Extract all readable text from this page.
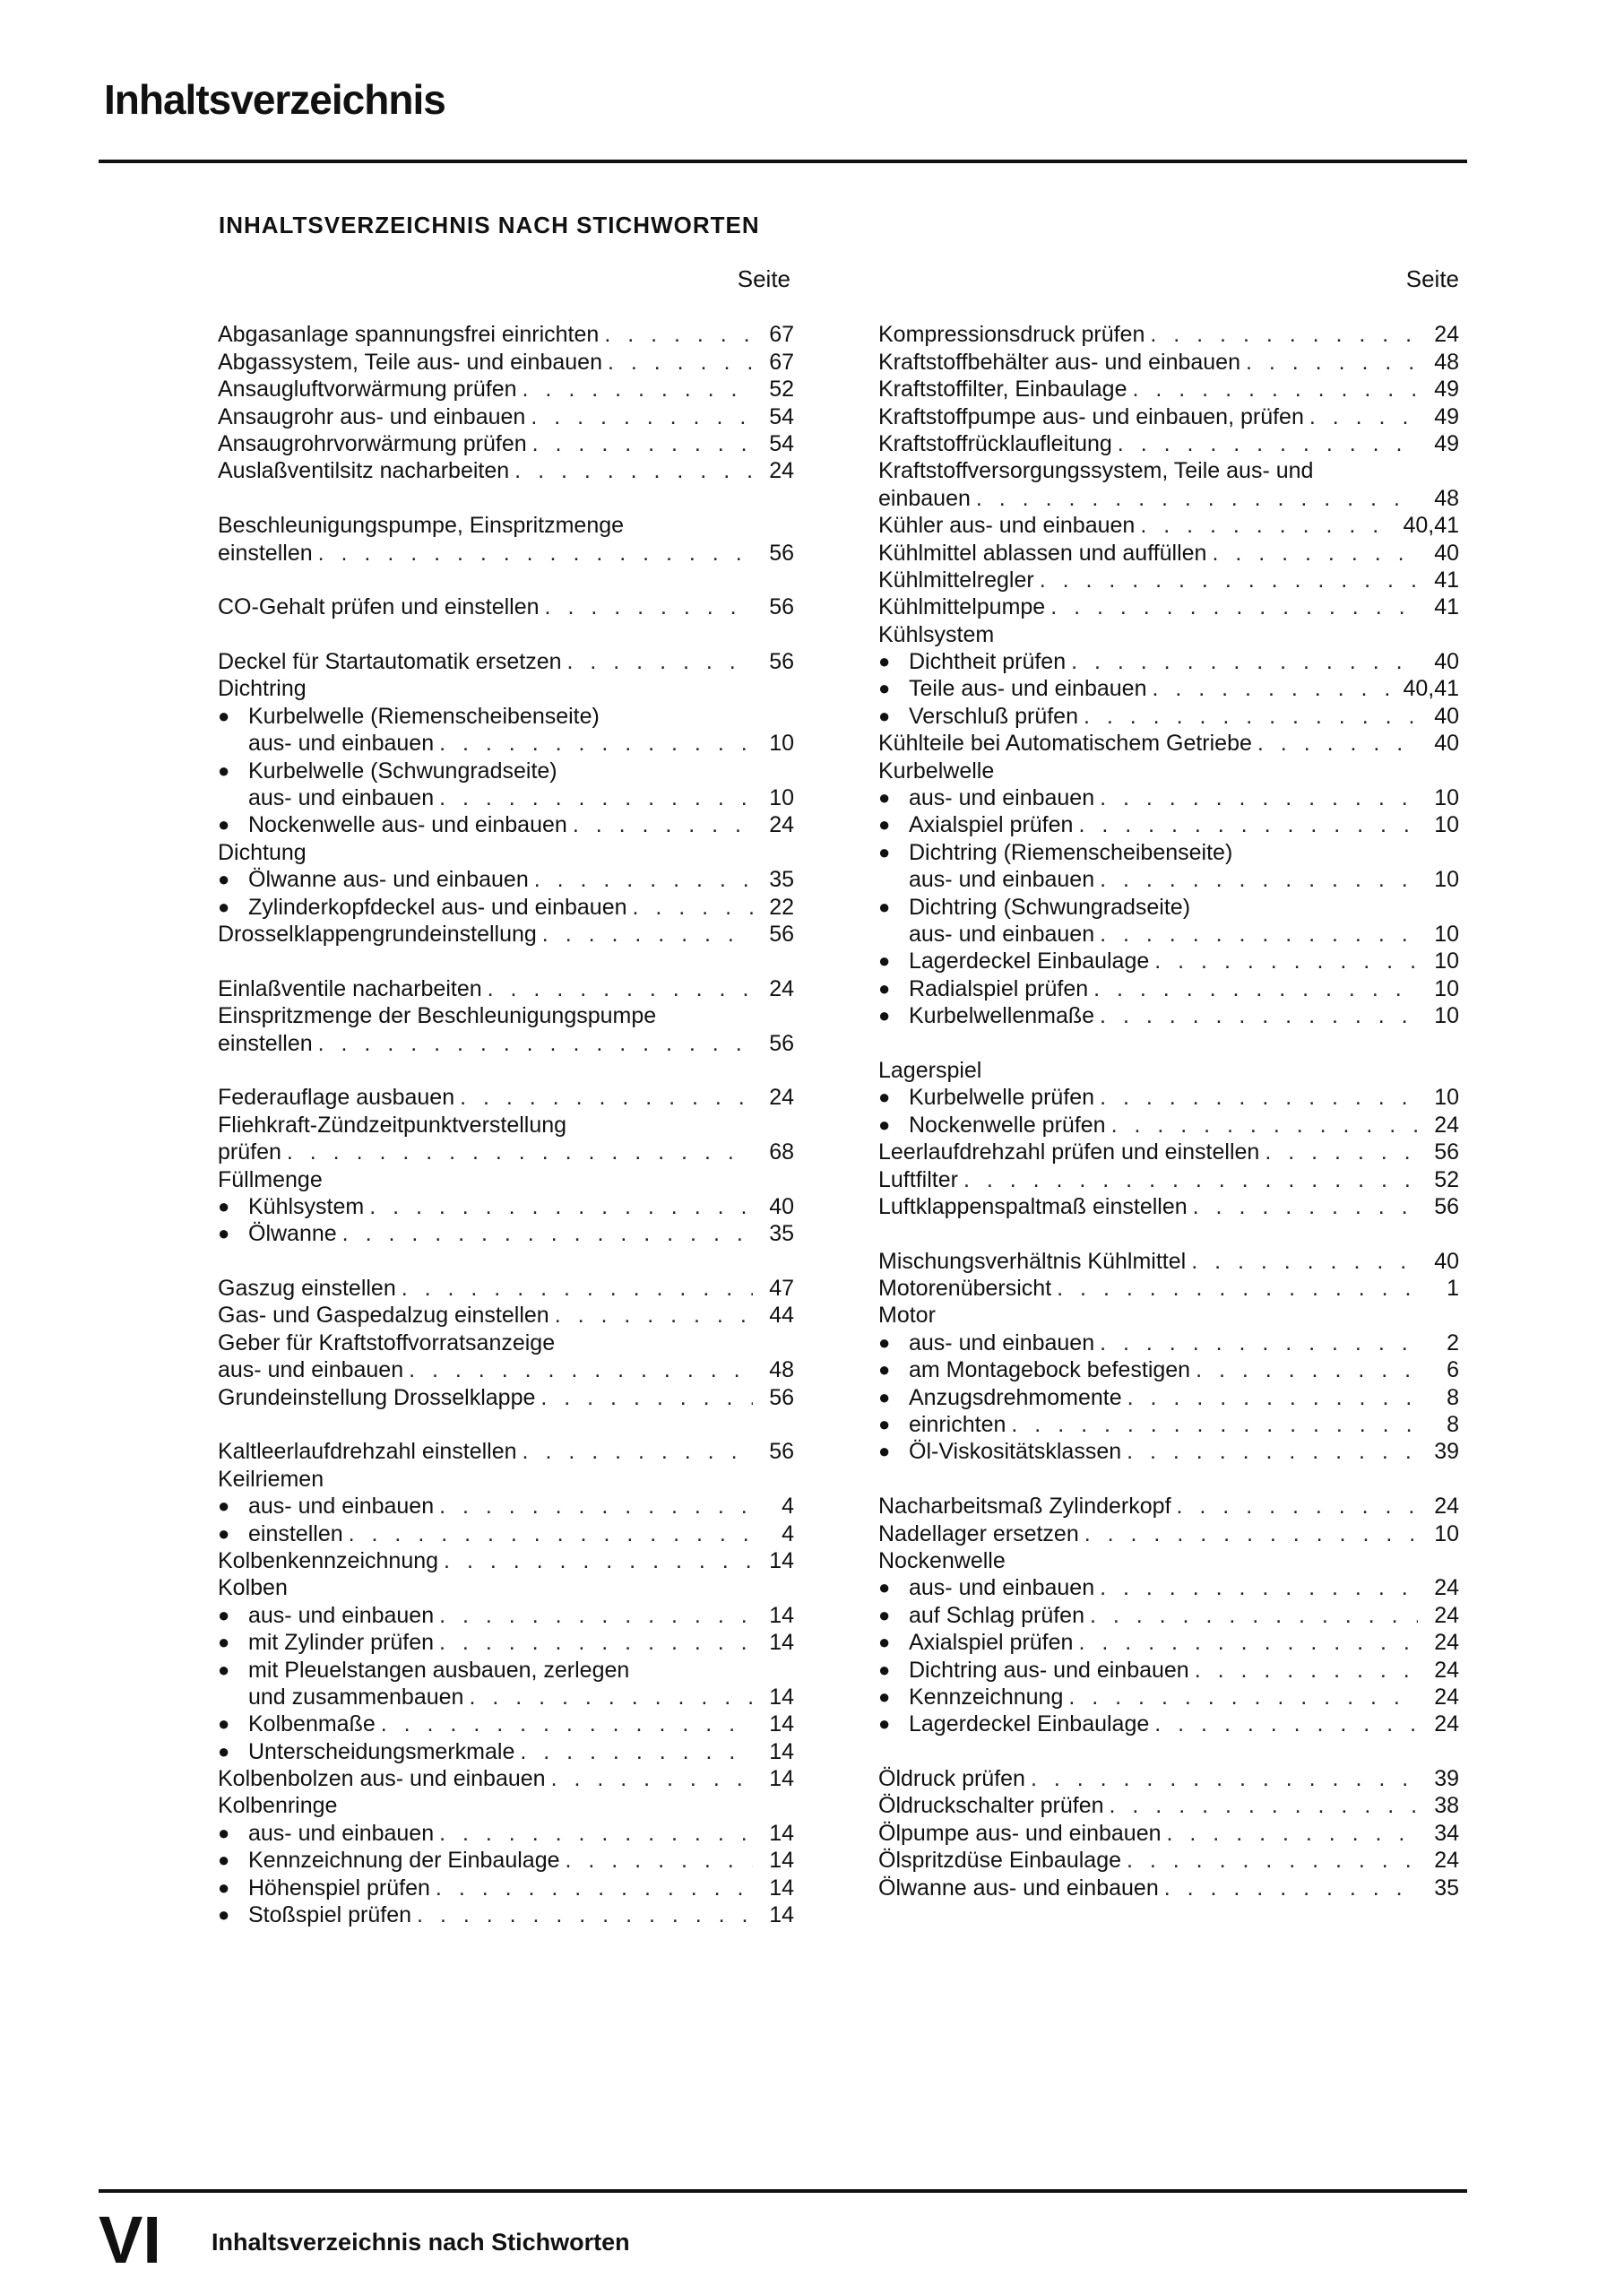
Inhaltsverzeichnis
INHALTSVERZEICHNIS NACH STICHWORTEN
Seite	Seite
Abgasanlage spannungsfrei einrichten . . .	67
Abgassystem, Teile aus- und einbauen . . .	67
Ansaugluftvorwärmung prüfen . . .	52
Ansaugrohr aus- und einbauen . . .	54
Ansaugrohrvorwärmung prüfen . . .	54
Auslaßventilsitz nacharbeiten . . .	24
Beschleunigungspumpe, Einspritzmenge
einstellen . . .	56
CO-Gehalt prüfen und einstellen . . .	56
Deckel für Startautomatik ersetzen . . .	56
Dichtring
● Kurbelwelle (Riemenscheibenseite)
aus- und einbauen . . .	10
● Kurbelwelle (Schwungradseite)
aus- und einbauen . . .	10
● Nockenwelle aus- und einbauen . . .	24
Dichtung
● Ölwanne aus- und einbauen . . .	35
● Zylinderkopfdeckel aus- und einbauen . . .	22
Drosselklappengrundeinstellung . . .	56
Einlaßventile nacharbeiten . . .	24
Einspritzmenge der Beschleunigungspumpe
einstellen . . .	56
Federauflage ausbauen . . .	24
Fliehkraft-Zündzeitpunktverstellung
prüfen . . .	68
Füllmenge
● Kühlsystem . . .	40
● Ölwanne . . .	35
Gaszug einstellen . . .	47
Gas- und Gaspedalzug einstellen . . .	44
Geber für Kraftstoffvorratsanzeige
aus- und einbauen . . .	48
Grundeinstellung Drosselklappe . . .	56
Kaltleerlaufdrehzahl einstellen . . .	56
Keilriemen
● aus- und einbauen . . .	4
● einstellen . . .	4
Kolbenkennzeichnung . . .	14
Kolben
● aus- und einbauen . . .	14
● mit Zylinder prüfen . . .	14
● mit Pleuelstangen ausbauen, zerlegen
und zusammenbauen . . .	14
● Kolbenmaße . . .	14
● Unterscheidungsmerkmale . . .	14
Kolbenbolzen aus- und einbauen . . .	14
Kolbenringe
● aus- und einbauen . . .	14
● Kennzeichnung der Einbaulage . . .	14
● Höhenspiel prüfen . . .	14
● Stoßspiel prüfen . . .	14
Kompressionsdruck prüfen . . .	24
Kraftstoffbehälter aus- und einbauen . . .	48
Kraftstoffilter, Einbaulage . . .	49
Kraftstoffpumpe aus- und einbauen, prüfen . . .	49
Kraftstoffrücklaufleitung . . .	49
Kraftstoffversorgungssystem, Teile aus- und
einbauen . . .	48
Kühler aus- und einbauen . . .	40,41
Kühlmittel ablassen und auffüllen . . .	40
Kühlmittelregler . . .	41
Kühlmittelpumpe . . .	41
Kühlsystem
● Dichtheit prüfen . . .	40
● Teile aus- und einbauen . . .	40,41
● Verschluß prüfen . . .	40
Kühlteile bei Automatischem Getriebe . . .	40
Kurbelwelle
● aus- und einbauen . . .	10
● Axialspiel prüfen . . .	10
● Dichtring (Riemenscheibenseite)
aus- und einbauen . . .	10
● Dichtring (Schwungradseite)
aus- und einbauen . . .	10
● Lagerdeckel Einbaulage . . .	10
● Radialspiel prüfen . . .	10
● Kurbelwellenmaße . . .	10
Lagerspiel
● Kurbelwelle prüfen . . .	10
● Nockenwelle prüfen . . .	24
Leerlaufdrehzahl prüfen und einstellen . . .	56
Luftfilter . . .	52
Luftklappenspaltmaß einstellen . . .	56
Mischungsverhältnis Kühlmittel . . .	40
Motorenübersicht . . .	1
Motor
● aus- und einbauen . . .	2
● am Montagebock befestigen . . .	6
● Anzugsdrehmomente . . .	8
● einrichten . . .	8
● Öl-Viskositätsklassen . . .	39
Nacharbeitsmaß Zylinderkopf . . .	24
Nadellager ersetzen . . .	10
Nockenwelle
● aus- und einbauen . . .	24
● auf Schlag prüfen . . .	24
● Axialspiel prüfen . . .	24
● Dichtring aus- und einbauen . . .	24
● Kennzeichnung . . .	24
● Lagerdeckel Einbaulage . . .	24
Öldruck prüfen . . .	39
Öldruckschalter prüfen . . .	38
Ölpumpe aus- und einbauen . . .	34
Ölspritzdüse Einbaulage . . .	24
Ölwanne aus- und einbauen . . .	35
VI Inhaltsverzeichnis nach Stichworten
